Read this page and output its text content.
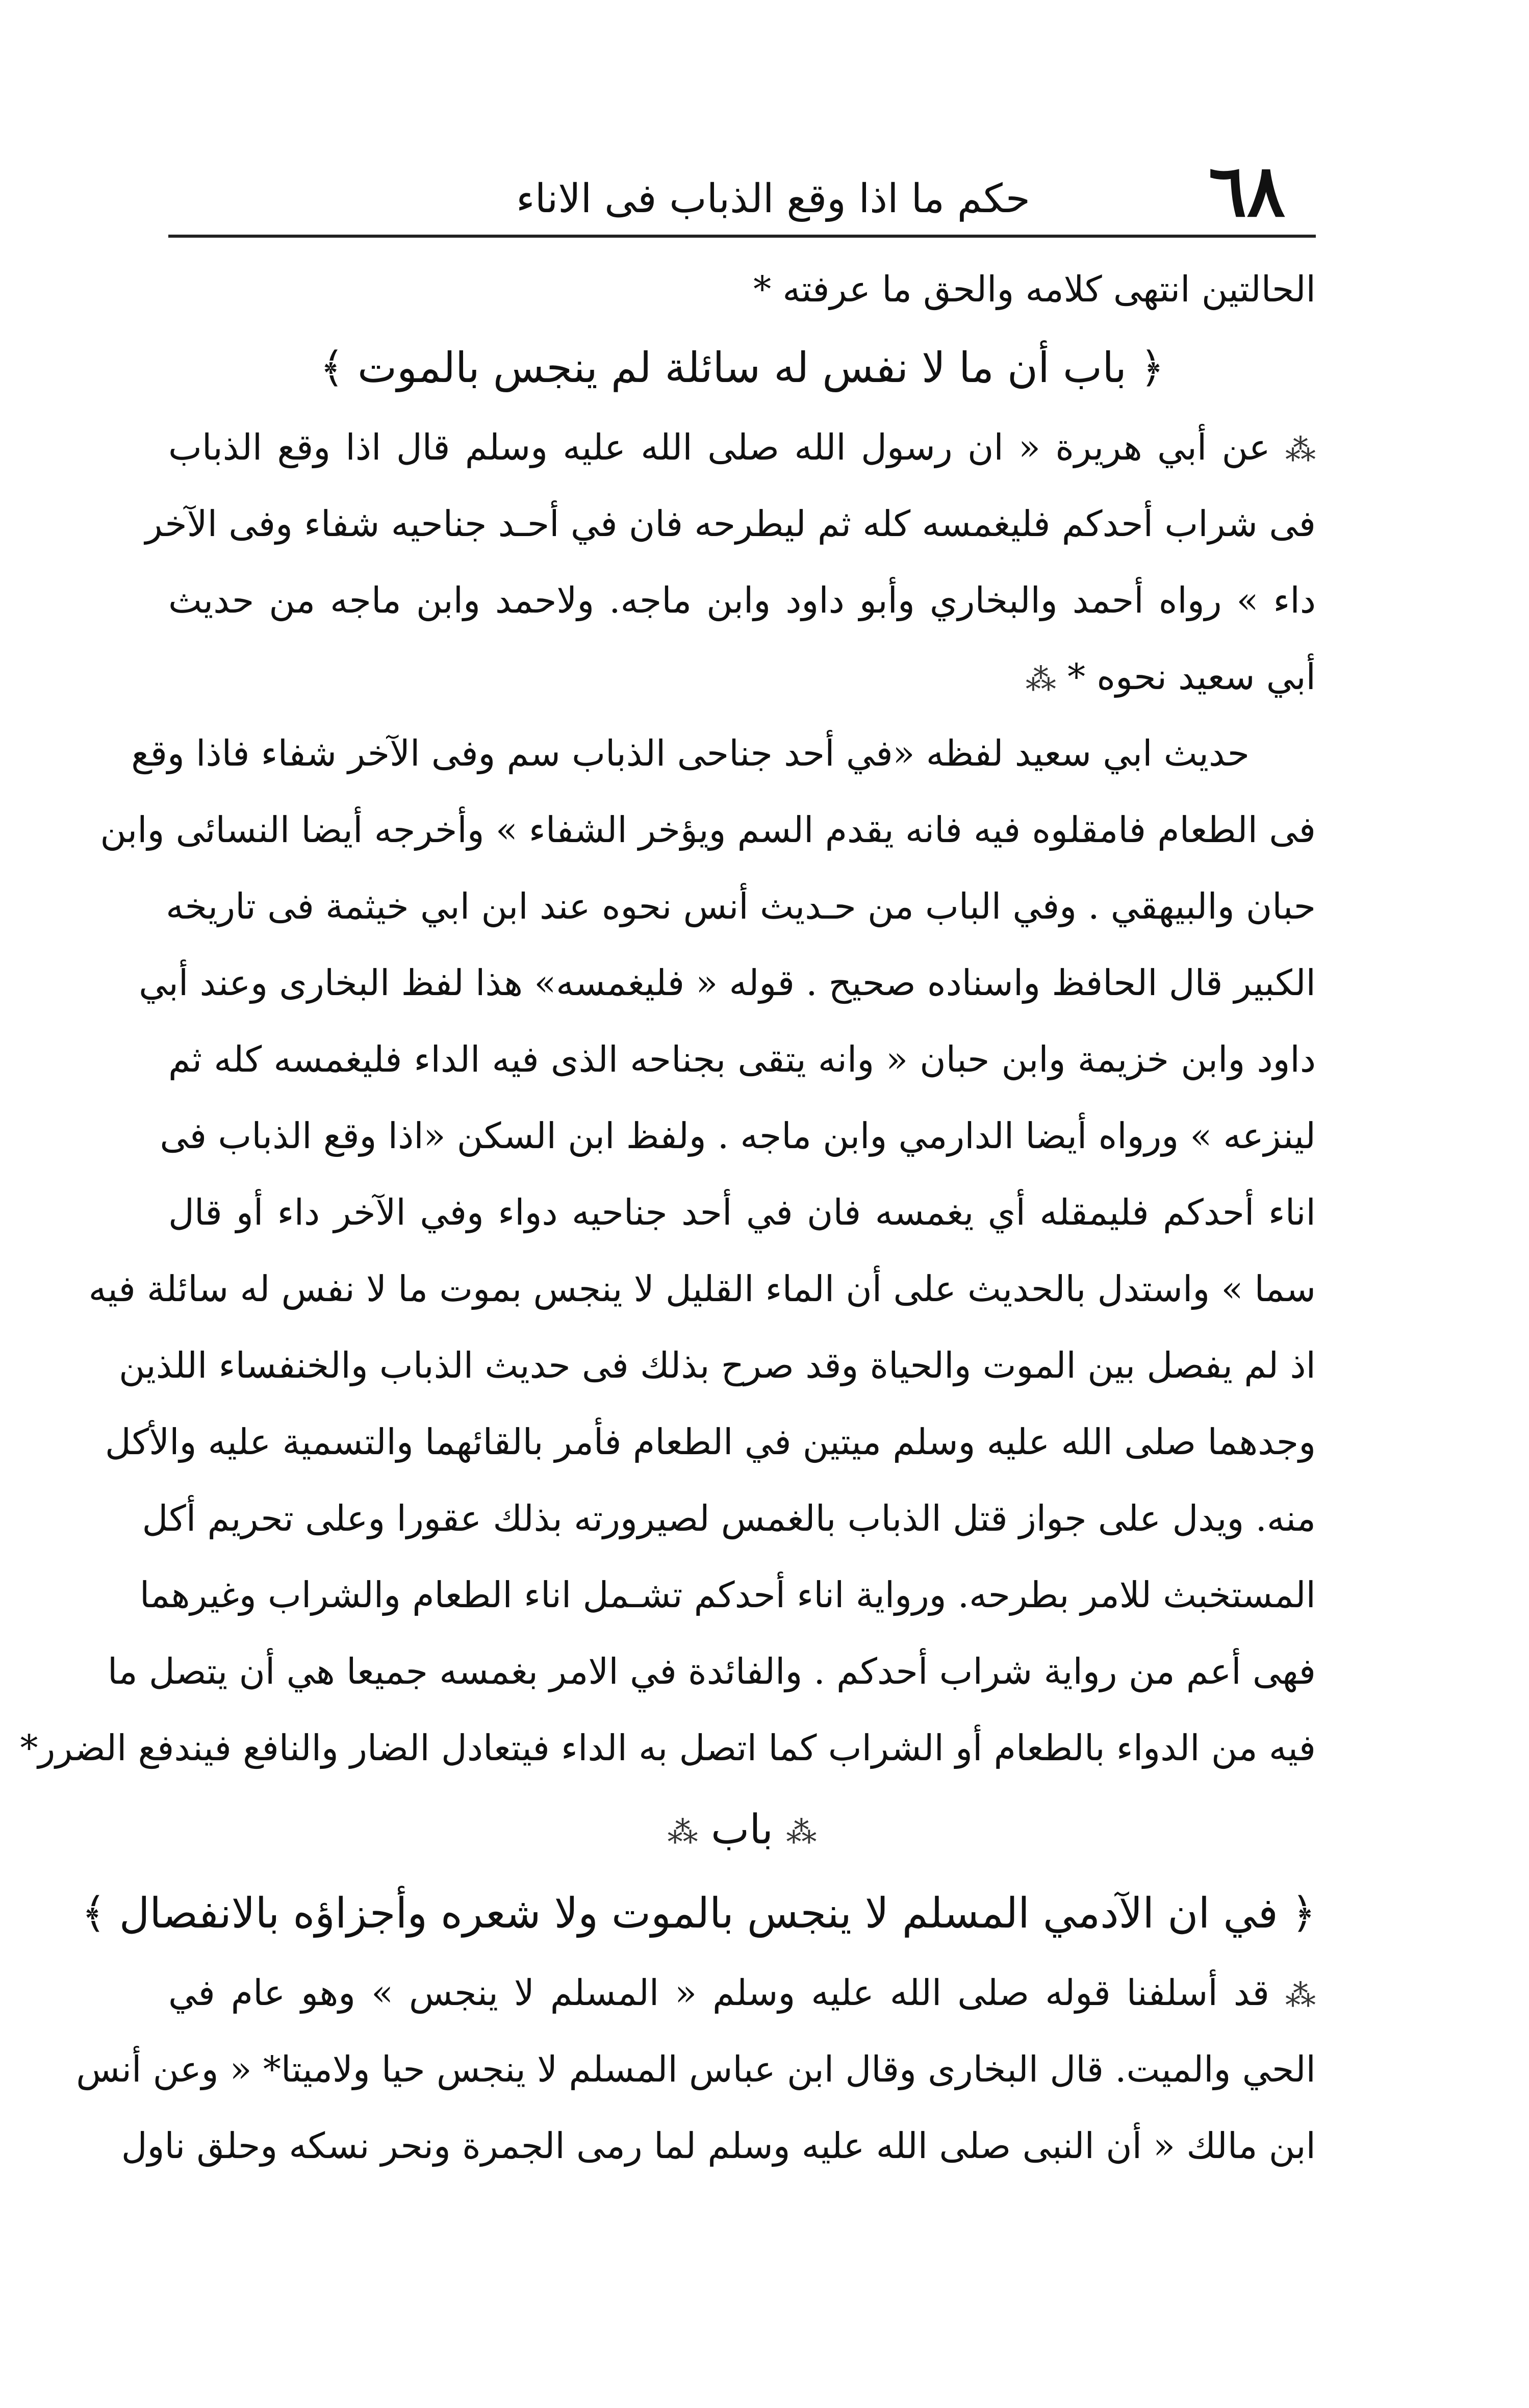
٦٨
حكم ما اذا وقع الذباب فى الاناء
الحالتين انتهى كلامه والحق ما عرفته *
﴿ باب أن ما لا نفس له سائلة لم ينجس بالموت ﴾
⁂ عن أبي هريرة « ان رسول الله صلى الله عليه وسلم قال اذا وقع الذباب
فى شراب أحدكم فليغمسه كله ثم ليطرحه فان في أحـد جناحيه شفاء وفى الآخر
داء » رواه أحمد والبخاري وأبو داود وابن ماجه. ولاحمد وابن ماجه من حديث
أبي سعيد نحوه * ⁂
حديث ابي سعيد لفظه «في أحد جناحى الذباب سم وفى الآخر شفاء فاذا وقع
فى الطعام فامقلوه فيه فانه يقدم السم ويؤخر الشفاء » وأخرجه أيضا النسائى وابن
حبان والبيهقي . وفي الباب من حـديث أنس نحوه عند ابن ابي خيثمة فى تاريخه
الكبير قال الحافظ واسناده صحيح . قوله « فليغمسه» هذا لفظ البخارى وعند أبي
داود وابن خزيمة وابن حبان « وانه يتقى بجناحه الذى فيه الداء فليغمسه كله ثم
لينزعه » ورواه أيضا الدارمي وابن ماجه . ولفظ ابن السكن «اذا وقع الذباب فى
اناء أحدكم فليمقله أي يغمسه فان في أحد جناحيه دواء وفي الآخر داء أو قال
سما » واستدل بالحديث على أن الماء القليل لا ينجس بموت ما لا نفس له سائلة فيه
اذ لم يفصل بين الموت والحياة وقد صرح بذلك فى حديث الذباب والخنفساء اللذين
وجدهما صلى الله عليه وسلم ميتين في الطعام فأمر بالقائهما والتسمية عليه والأكل
منه. ويدل على جواز قتل الذباب بالغمس لصيرورته بذلك عقورا وعلى تحريم أكل
المستخبث للامر بطرحه. ورواية اناء أحدكم تشـمل اناء الطعام والشراب وغيرهما
فهى أعم من رواية شراب أحدكم . والفائدة في الامر بغمسه جميعا هي أن يتصل ما
فيه من الدواء بالطعام أو الشراب كما اتصل به الداء فيتعادل الضار والنافع فيندفع الضرر*
⁂ باب ⁂
﴿ في ان الآدمي المسلم لا ينجس بالموت ولا شعره وأجزاؤه بالانفصال ﴾
⁂ قد أسلفنا قوله صلى الله عليه وسلم « المسلم لا ينجس » وهو عام في
الحي والميت. قال البخارى وقال ابن عباس المسلم لا ينجس حيا ولاميتا* « وعن أنس
ابن مالك « أن النبى صلى الله عليه وسلم لما رمى الجمرة ونحر نسكه وحلق ناول
